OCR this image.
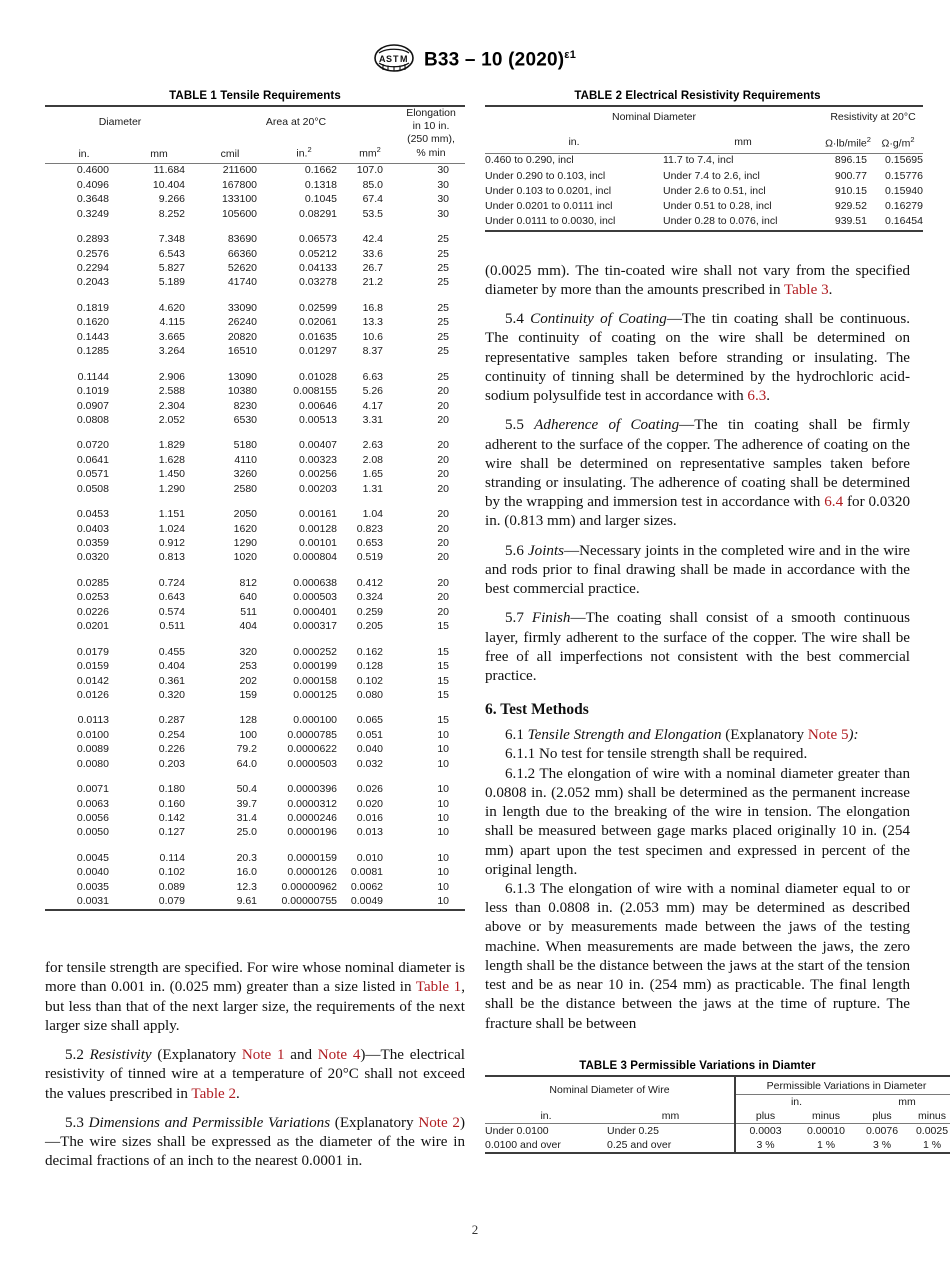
A S T M B33 – 10 $(2020)^{\varepsilon 1}$
TABLE 1 Tensile Requirements
Diameter		Area at 20°C			Elongation
in 10 in.
(250 mm),
% min

in.	mm	cmil	in.$^2$	$mm^2$
0.4600	11.684	211600	0.1662	107.0	30
0.4096	10.404	167800	0.1318	85.0	30
0.3648	9.266	133100	0.1045	67.4	30
0.3249	8.252	105600	0.08291	53.5	30

0.2893	7.348	83690	0.06573	42.4	25
0.2576	6.543	66360	0.05212	33.6	25
0.2294	5.827	52620	0.04133	26.7	25
0.2043	5.189	41740	0.03278	21.2	25

0.1819	4.620	33090	0.02599	16.8	25
0.1620	4.115	26240	0.02061	13.3	25
0.1443	3.665	20820	0.01635	10.6	25
0.1285	3.264	16510	0.01297	8.37	25

0.1144	2.906	13090	0.01028	6.63	25
0.1019	2.588	10380	0.008155	5.26	20
0.0907	2.304	8230	0.00646	4.17	20
0.0808	2.052	6530	0.00513	3.31	20

0.0720	1.829	5180	0.00407	2.63	20
0.0641	1.628	4110	0.00323	2.08	20
0.0571	1.450	3260	0.00256	1.65	20
0.0508	1.290	2580	0.00203	1.31	20

0.0453	1.151	2050	0.00161	1.04	20
0.0403	1.024	1620	0.00128	0.823	20
0.0359	0.912	1290	0.00101	0.653	20
0.0320	0.813	1020	0.000804	0.519	20

0.0285	0.724	812	0.000638	0.412	20
0.0253	0.643	640	0.000503	0.324	20
0.0226	0.574	511	0.000401	0.259	20
0.0201	0.511	404	0.000317	0.205	15

0.0179	0.455	320	0.000252	0.162	15
0.0159	0.404	253	0.000199	0.128	15
0.0142	0.361	202	0.000158	0.102	15
0.0126	0.320	159	0.000125	0.080	15

0.0113	0.287	128	0.000100	0.065	15
0.0100	0.254	100	0.0000785	0.051	10
0.0089	0.226	79.2	0.0000622	0.040	10
0.0080	0.203	64.0	0.0000503	0.032	10

0.0071	0.180	50.4	0.0000396	0.026	10
0.0063	0.160	39.7	0.0000312	0.020	10
0.0056	0.142	31.4	0.0000246	0.016	10
0.0050	0.127	25.0	0.0000196	0.013	10

0.0045	0.114	20.3	0.0000159	0.010	10
0.0040	0.102	16.0	0.0000126	0.0081	10
0.0035	0.089	12.3	0.00000962	0.0062	10
0.0031	0.079	9.61	0.00000755	0.0049	10

for tensile strength are specified. For wire whose nominal diameter is more than 0.001 in. (0.025 mm) greater than a size listed in Table 1, but less than that of the next larger size, the requirements of the next larger size shall apply.

5.2 Resistivity (Explanatory Note 1 and Note 4)—The electrical resistivity of tinned wire at a temperature of 20°C shall not exceed the values prescribed in Table 2.

5.3 Dimensions and Permissible Variations (Explanatory Note 2)—The wire sizes shall be expressed as the diameter of the wire in decimal fractions of an inch to the nearest 0.0001 in.

TABLE 2 Electrical Resistivity Requirements
Nominal Diameter		Resistivity at 20°C	
in.	mm	Ω·lb/mile$^2$	$\Omega\cdot g/m^2$
0.460 to 0.290, incl	11.7 to 7.4, incl	896.15	0.15695
Under 0.290 to 0.103, incl	Under 7.4 to 2.6, incl	900.77	0.15776
Under 0.103 to 0.0201, incl	Under 2.6 to 0.51, incl	910.15	0.15940
Under 0.0201 to 0.0111 incl	Under 0.51 to 0.28, incl	929.52	0.16279
Under 0.0111 to 0.0030, incl	Under 0.28 to 0.076, incl	939.51	0.16454

(0.0025 mm). The tin-coated wire shall not vary from the specified diameter by more than the amounts prescribed in Table 3.

5.4 Continuity of Coating—The tin coating shall be continuous. The continuity of coating on the wire shall be determined on representative samples taken before stranding or insulating. The continuity of tinning shall be determined by the hydrochloric acid-sodium polysulfide test in accordance with 6.3.

5.5 Adherence of Coating—The tin coating shall be firmly adherent to the surface of the copper. The adherence of coating on the wire shall be determined on representative samples taken before stranding or insulating. The adherence of coating shall be determined by the wrapping and immersion test in accordance with 6.4 for 0.0320 in. (0.813 mm) and larger sizes.

5.6 Joints—Necessary joints in the completed wire and in the wire and rods prior to final drawing shall be made in accordance with the best commercial practice.

5.7 Finish—The coating shall consist of a smooth continuous layer, firmly adherent to the surface of the copper. The wire shall be free of all imperfections not consistent with the best commercial practice.

6. Test Methods

6.1 Tensile Strength and Elongation (Explanatory Note 5):

6.1.1 No test for tensile strength shall be required.

6.1.2 The elongation of wire with a nominal diameter greater than 0.0808 in. (2.052 mm) shall be determined as the permanent increase in length due to the breaking of the wire in tension. The elongation shall be measured between gage marks placed originally 10 in. (254 mm) apart upon the test specimen and expressed in percent of the original length.

6.1.3 The elongation of wire with a nominal diameter equal to or less than 0.0808 in. (2.053 mm) may be determined as described above or by measurements made between the jaws of the testing machine. When measurements are made between the jaws, the zero length shall be the distance between the jaws at the start of the tension test and be as near 10 in. (254 mm) as practicable. The final length shall be the distance between the jaws at the time of rupture. The fracture shall be between

TABLE 3 Permissible Variations in Diamter
Nominal Diameter of Wire		Permissible Variations in Diameter			
		in.		mm	
in.	mm	plus	minus	plus	minus
Under 0.0100	Under 0.25	0.0003	0.00010	0.0076	0.0025
0.0100 and over	0.25 and over	3 %	1 %	3 %	1 %
2
